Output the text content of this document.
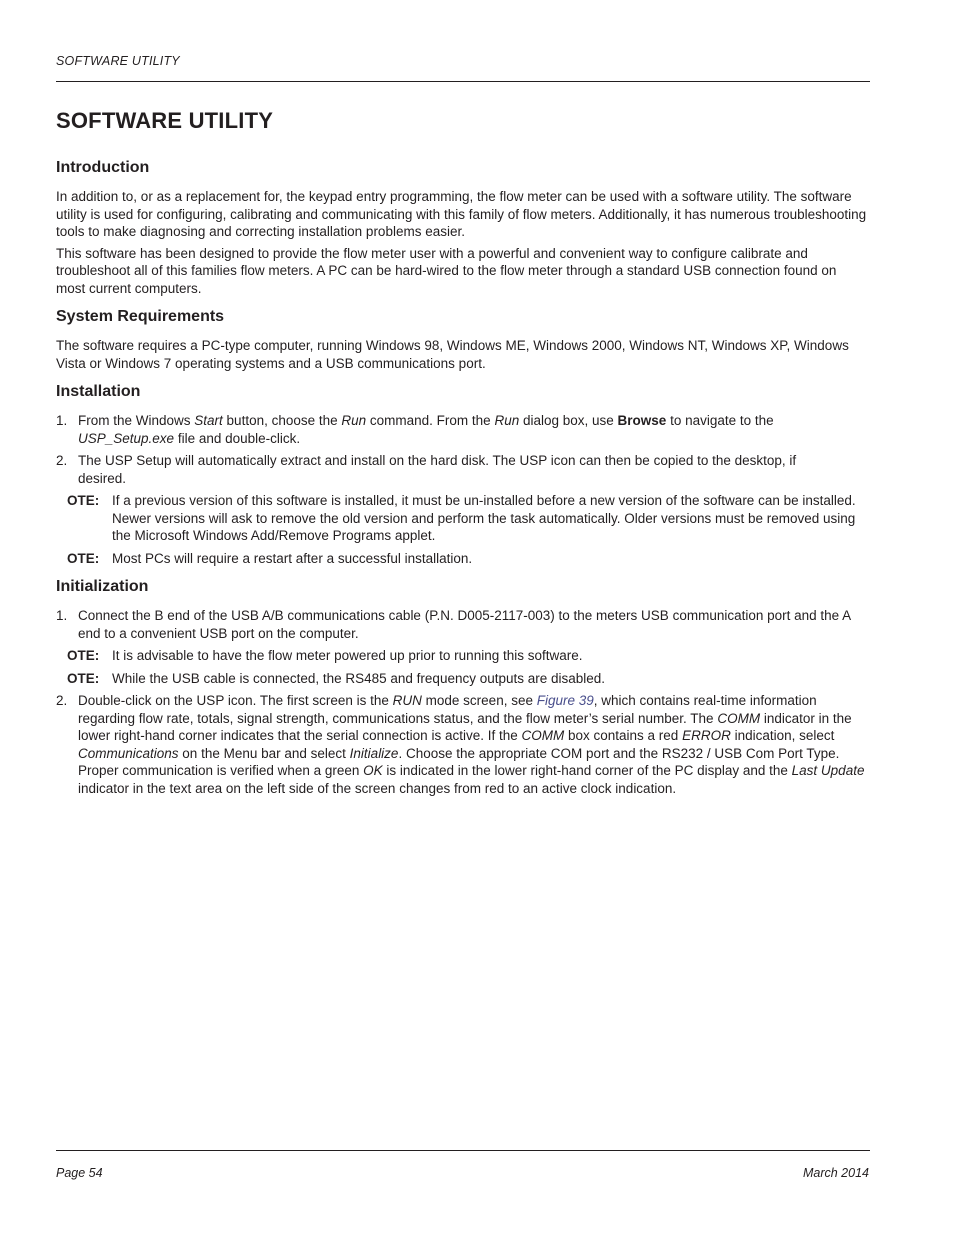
SOFTWARE UTILITY
SOFTWARE UTILITY
Introduction

In addition to, or as a replacement for, the keypad entry programming, the flow meter can be used with a software utility. The software utility is used for configuring, calibrating and communicating with this family of flow meters. Additionally, it has numerous troubleshooting tools to make diagnosing and correcting installation problems easier.

This software has been designed to provide the flow meter user with a powerful and convenient way to configure calibrate and troubleshoot all of this families flow meters. A PC can be hard-wired to the flow meter through a standard USB connection found on most current computers.

System Requirements

The software requires a PC-type computer, running Windows 98, Windows ME, Windows 2000, Windows NT, Windows XP, Windows Vista or Windows 7 operating systems and a USB communications port.

Installation
1. From the Windows Start button, choose the Run command. From the Run dialog box, use Browse to navigate to the
USP_Setup.exe file and double-click.
2. The USP Setup will automatically extract and install on the hard disk. The USP icon can then be copied to the desktop, if desired.
OTE: If a previous version of this software is installed, it must be un-installed before a new version of the software can be installed. Newer versions will ask to remove the old version and perform the task automatically. Older versions must be removed using the Microsoft Windows Add/Remove Programs applet.
OTE: Most PCs will require a restart after a successful installation.
Initialization
1. Connect the B end of the USB A/B communications cable (P.N. D005-2117-003) to the meters USB communication port and the A end to a convenient USB port on the computer.
OTE: It is advisable to have the flow meter powered up prior to running this software.
OTE: While the USB cable is connected, the RS485 and frequency outputs are disabled.
2. Double-click on the USP icon. The first screen is the RUN mode screen, see Figure 39, which contains real-time information regarding flow rate, totals, signal strength, communications status, and the flow meter’s serial number. The COMM indicator in the lower right-hand corner indicates that the serial connection is active. If the COMM box contains a red ERROR indication, select Communications on the Menu bar and select Initialize. Choose the appropriate COM port and the RS232 / USB Com Port Type. Proper communication is verified when a green OK is indicated in the lower right-hand corner of the PC display and the Last Update indicator in the text area on the left side of the screen changes from red to an active clock indication.
Page 54	March 2014
